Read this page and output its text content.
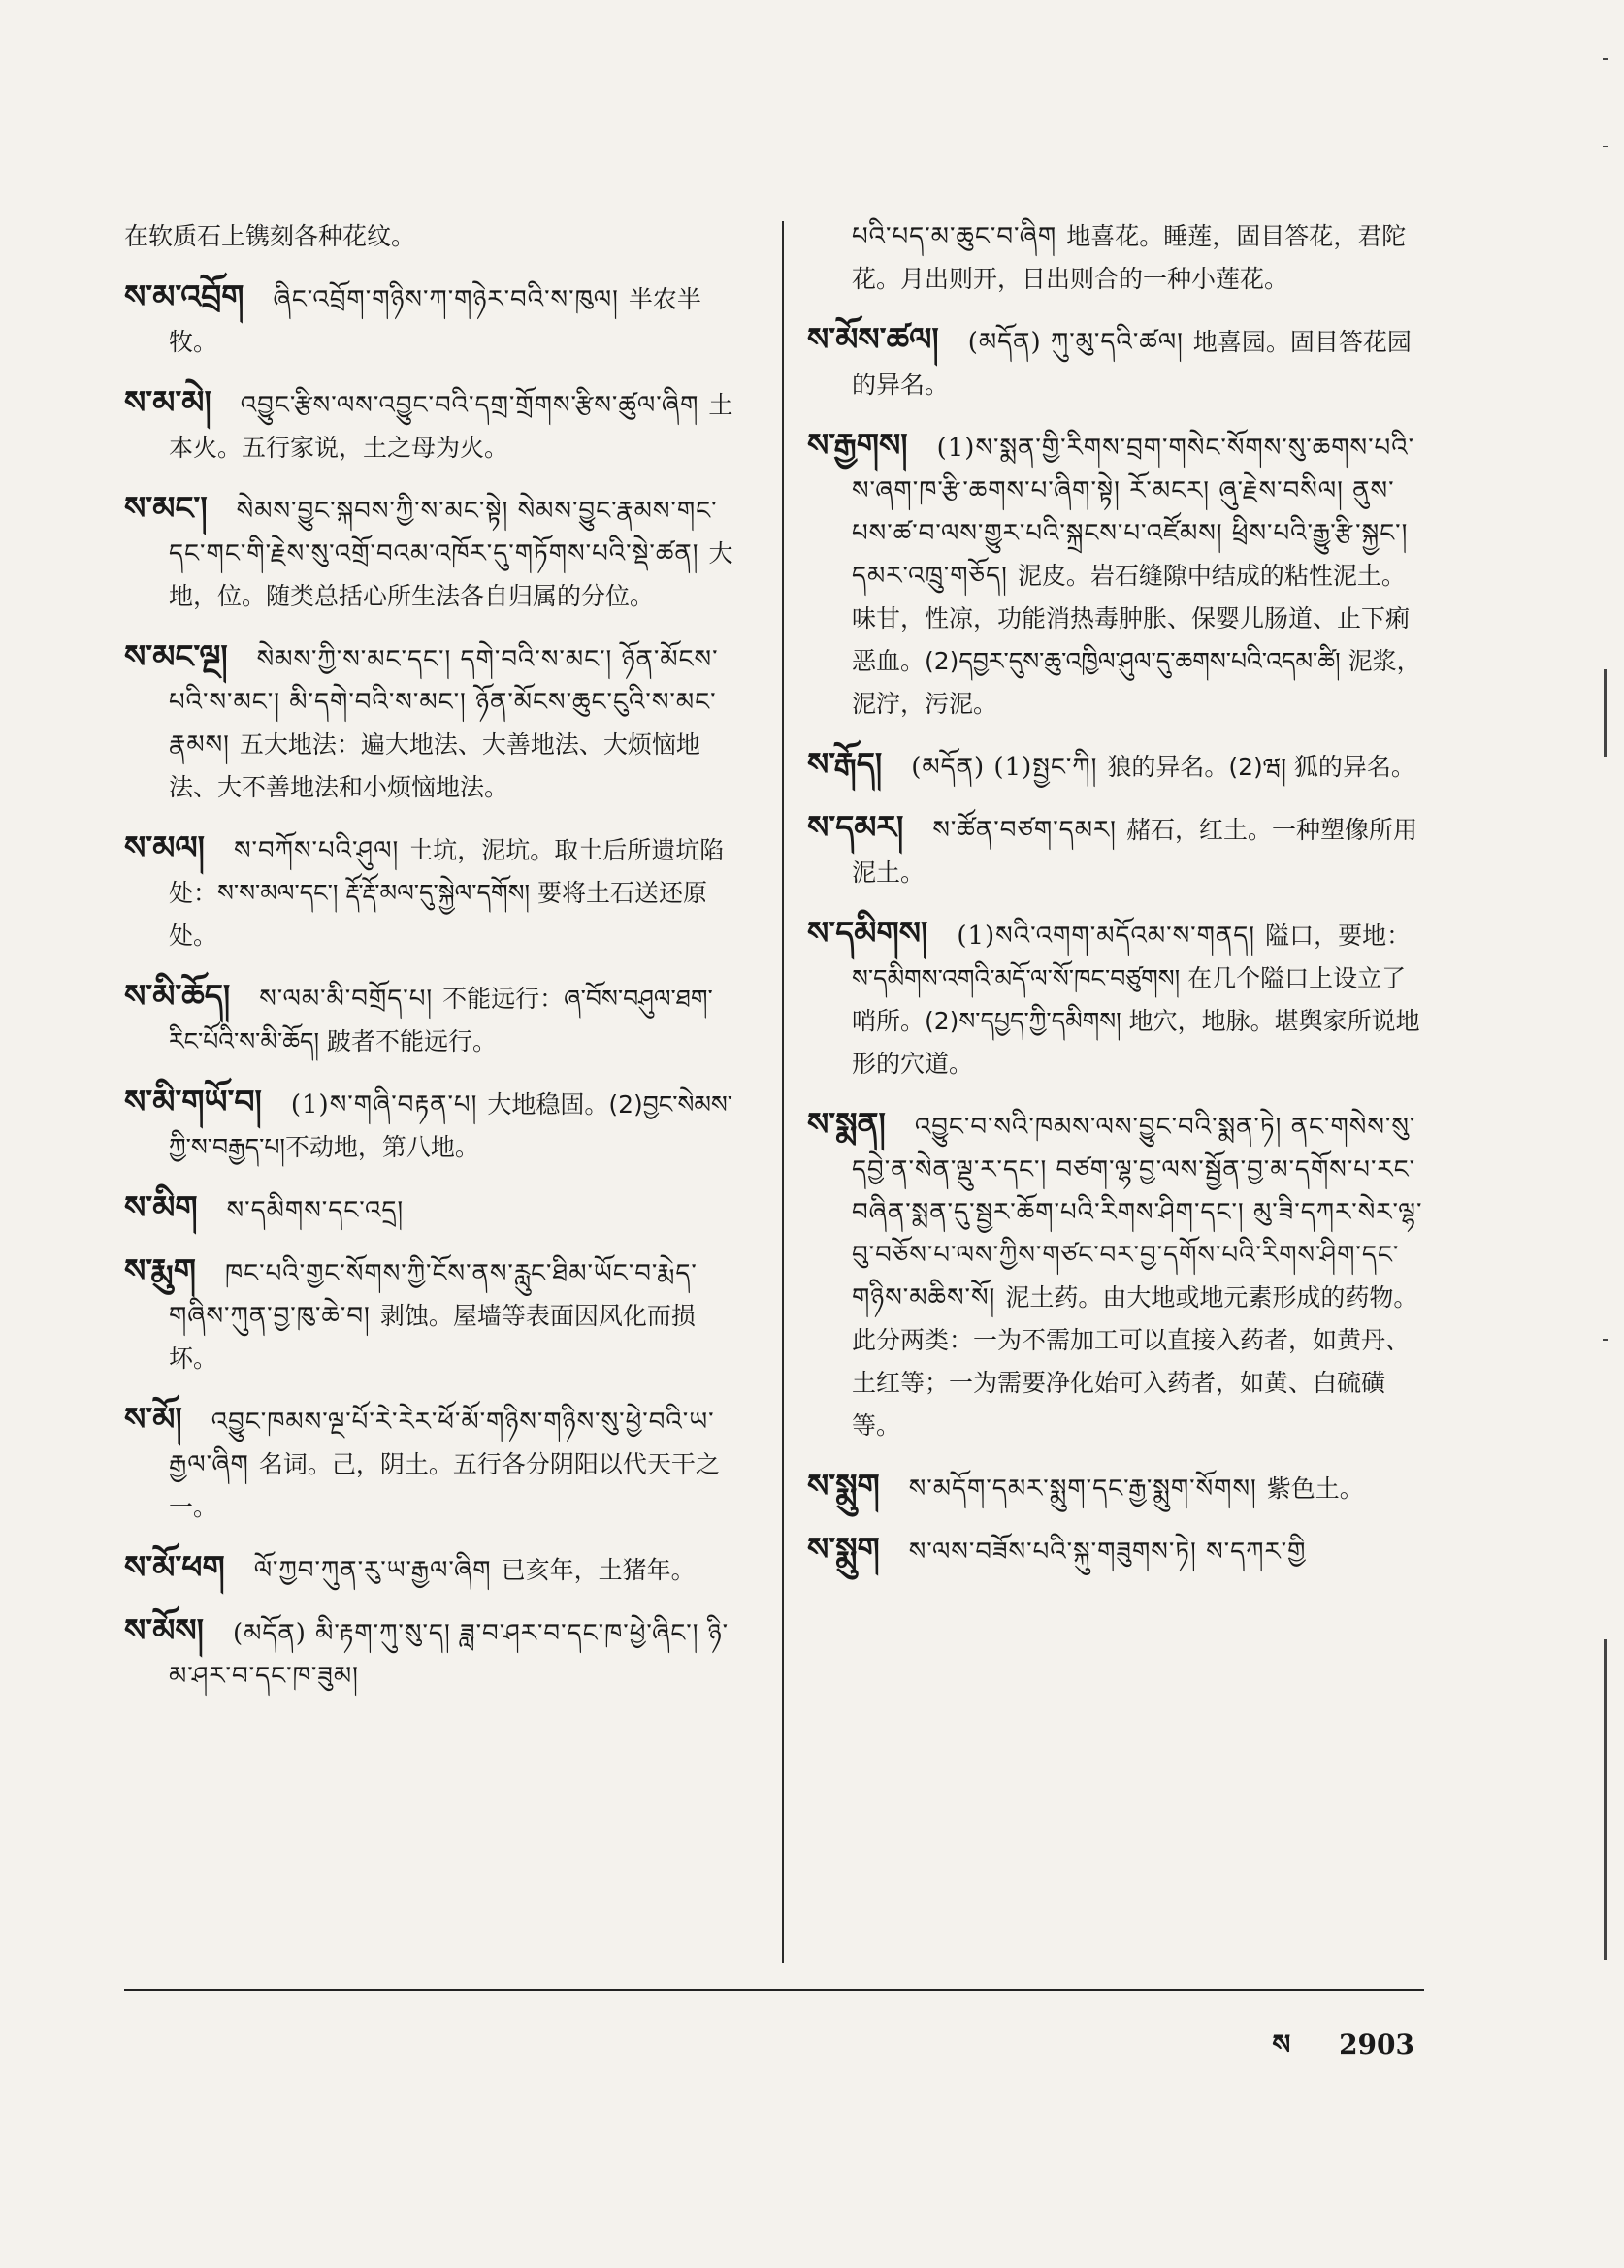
在软质石上镌刻各种花纹。
ས་མ་འབྲོག ཞིང་འབྲོག་གཉིས་ཀ་གཉེར་བའི་ས་ཁུལ། 半农半牧。
ས་མ་མེ། འབྱུང་རྩིས་ལས་འབྱུང་བའི་དགྲ་གྲོགས་རྩིས་ཚུལ་ཞིག 土本火。五行家说，土之母为火。
ས་མང་། སེམས་བྱུང་སྐབས་ཀྱི་ས་མང་སྟེ། སེམས་བྱུང་རྣམས་གང་དང་གང་གི་རྗེས་སུ་འགྲོ་བའམ་འཁོར་དུ་གཏོགས་པའི་སྡེ་ཚན། 大地，位。随类总括心所生法各自归属的分位。
ས་མང་ལྔ། སེམས་ཀྱི་ས་མང་དང་། དགེ་བའི་ས་མང་། ཉོན་མོངས་པའི་ས་མང་། མི་དགེ་བའི་ས་མང་། ཉོན་མོངས་ཆུང་ངུའི་ས་མང་རྣམས། 五大地法：遍大地法、大善地法、大烦恼地法、大不善地法和小烦恼地法。
ས་མལ། ས་བཀོས་པའི་ཤུལ། 土坑，泥坑。取土后所遗坑陷处：ས་ས་མལ་དང་། རྡོ་རྡོ་མལ་དུ་སྐྱེལ་དགོས། 要将土石送还原处。
ས་མི་ཆོད། ས་ལམ་མི་བགྲོད་པ། 不能远行：ཞ་བོས་བཤུལ་ཐག་རིང་པོའི་ས་མི་ཆོད། 跛者不能远行。
ས་མི་གཡོ་བ། (1)ས་གཞི་བརྟན་པ། 大地稳固。(2)བྱང་སེམས་ཀྱི་ས་བརྒྱད་པ།不动地，第八地。
ས་མིག ས་དམིགས་དང་འདྲ།
ས་རྨུག ཁང་པའི་གྱང་སོགས་ཀྱི་ངོས་ནས་རླུང་ཐིམ་ཡོང་བ་རྨེད་གཞིས་ཀུན་བྱ་ཁུ་ཆེ་བ། 剥蚀。屋墙等表面因风化而损坏。
ས་མོ། འབྱུང་ཁམས་ལྔ་པོ་རེ་རེར་ཕོ་མོ་གཉིས་གཉིས་སུ་ཕྱེ་བའི་ཡ་རྒྱལ་ཞིག 名词。己，阴土。五行各分阴阳以代天干之一。
ས་མོ་ཕག ལོ་ཀྱབ་ཀུན་རུ་ཡ་རྒྱལ་ཞིག 已亥年，土猪年。
ས་མོས། (མདོན) མི་རྟག་ཀུ་སུ་ད། ཟླ་བ་ཤར་བ་དང་ཁ་ཕྱེ་ཞིང་། ཉི་མ་ཤར་བ་དང་ཁ་ཟུམ།
པའི་པད་མ་ཆུང་བ་ཞིག 地喜花。睡莲，固目答花，君陀花。月出则开，日出则合的一种小莲花。
ས་མོས་ཚལ། (མདོན) ཀུ་མུ་དའི་ཚལ། 地喜园。固目答花园的异名。
ས་རྒྱགས། (1)ས་སྨན་གྱི་རིགས་བྲག་གསེང་སོགས་སུ་ཆགས་པའི་ས་ཞག་ཁ་རྩི་ཆགས་པ་ཞིག་སྟེ། རོ་མངར། ཞུ་རྗེས་བསིལ། ནུས་པས་ཚ་བ་ལས་གྱུར་པའི་སྐྲངས་པ་འཛོམས། ཕྲིས་པའི་རྒྱུ་རྩི་སྐྱང་། དམར་འཁྲུ་གཅོད། 泥皮。岩石缝隙中结成的粘性泥土。味甘，性凉，功能消热毒肿胀、保婴儿肠道、止下痢恶血。(2)དབྱར་དུས་ཆུ་འཁྱིལ་ཤུལ་དུ་ཆགས་པའི་འདམ་ཚི། 泥浆，泥泞，污泥。
ས་རྒོད། (མདོན) (1)སྤྱང་ཀི། 狼的异名。(2)ཝ། 狐的异名。
ས་དམར། ས་ཚོན་བཙག་དམར། 赭石，红土。一种塑像所用泥土。
ས་དམིགས། (1)སའི་འགག་མདོའམ་ས་གནད། 隘口，要地：ས་དམིགས་འགའི་མདོ་ལ་སོ་ཁང་བཙུགས། 在几个隘口上设立了哨所。(2)ས་དཔྱད་ཀྱི་དམིགས། 地穴，地脉。堪舆家所说地形的穴道。
ས་སྨན། འབྱུང་བ་སའི་ཁམས་ལས་བྱུང་བའི་སྨན་ཏེ། ནང་གསེས་སུ་དབྱེ་ན་སེན་ལྡུ་ར་དང་། བཙག་ལྷ་བྱ་ལས་སྦྱོན་བྱ་མ་དགོས་པ་རང་བཞིན་སྨན་དུ་སྦྱར་ཆོག་པའི་རིགས་ཤིག་དང་། མུ་ཟི་དཀར་སེར་ལྷ་བུ་བཅོས་པ་ལས་ཀྱིས་གཙང་བར་བྱ་དགོས་པའི་རིགས་ཤིག་དང་གཉིས་མཆིས་སོ། 泥土药。由大地或地元素形成的药物。此分两类：一为不需加工可以直接入药者，如黄丹、土红等；一为需要净化始可入药者，如黄、白硫磺等。
ས་སྨུག ས་མདོག་དམར་སྨུག་དང་རྒྱ་སྨུག་སོགས། 紫色土。
ས་སྨུག ས་ལས་བཟོས་པའི་སྐུ་གཟུགས་ཏེ། ས་དཀར་གྱི
ས 2903
